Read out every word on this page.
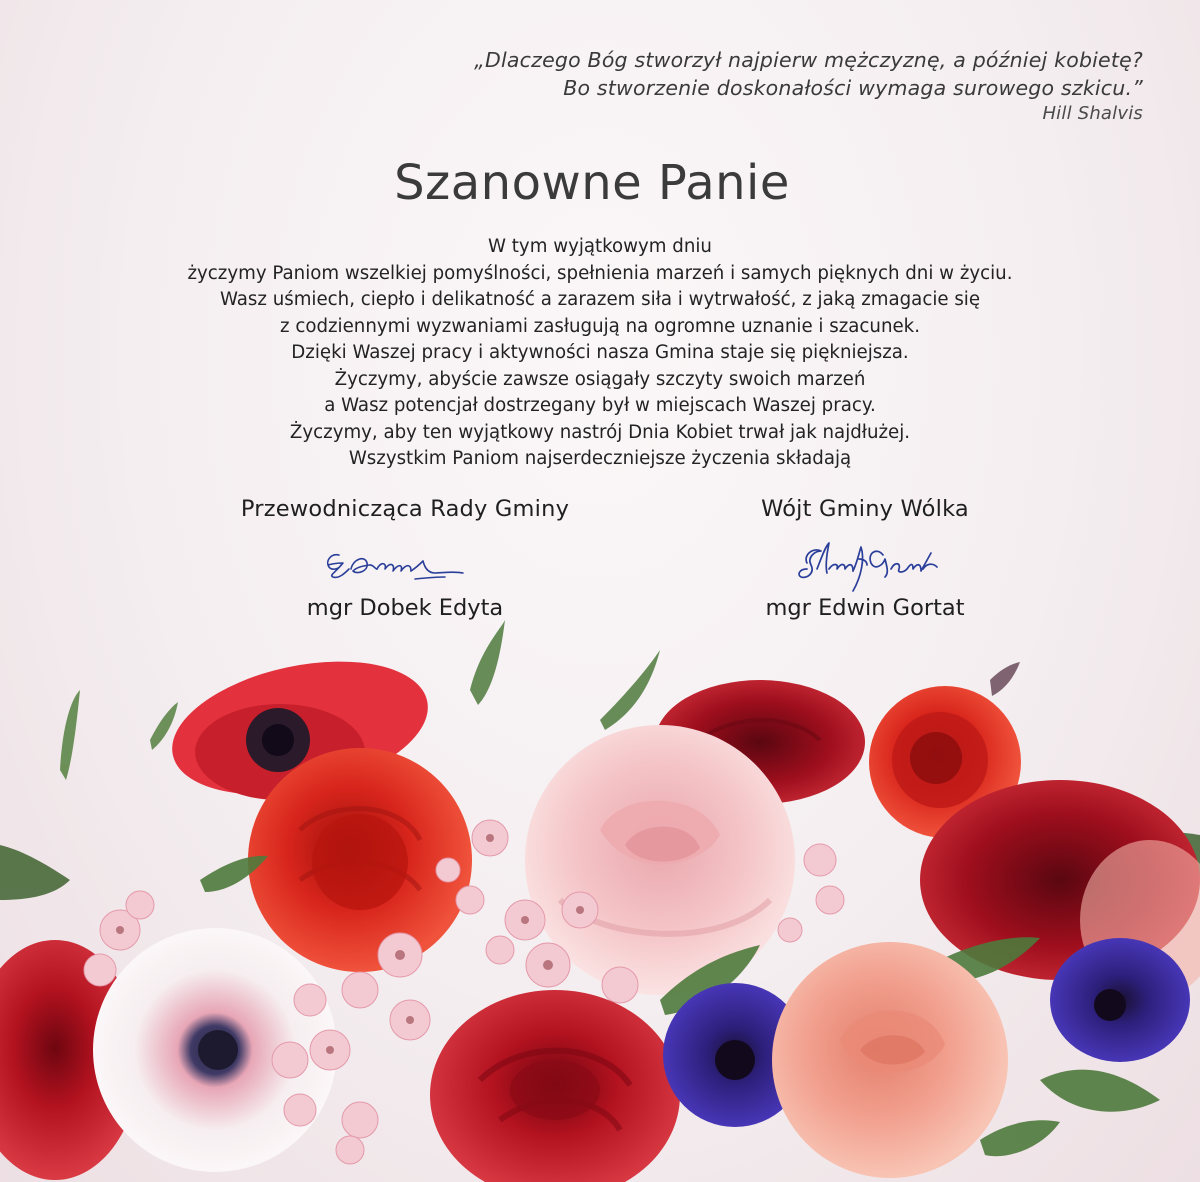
„Dlaczego Bóg stworzył najpierw mężczyznę, a później kobietę?
Bo stworzenie doskonałości wymaga surowego szkicu.”
Hill Shalvis
Szanowne Panie
W tym wyjątkowym dniu
życzymy Paniom wszelkiej pomyślności, spełnienia marzeń i samych pięknych dni w życiu.
Wasz uśmiech, ciepło i delikatność a zarazem siła i wytrwałość, z jaką zmagacie się
z codziennymi wyzwaniami zasługują na ogromne uznanie i szacunek.
Dzięki Waszej pracy i aktywności nasza Gmina staje się piękniejsza.
Życzymy, abyście zawsze osiągały szczyty swoich marzeń
a Wasz potencjał dostrzegany był w miejscach Waszej pracy.
Życzymy, aby ten wyjątkowy nastrój Dnia Kobiet trwał jak najdłużej.
Wszystkim Paniom najserdeczniejsze życzenia składają
Przewodnicząca Rady Gminy
mgr Dobek Edyta
Wójt Gminy Wólka
mgr Edwin Gortat
